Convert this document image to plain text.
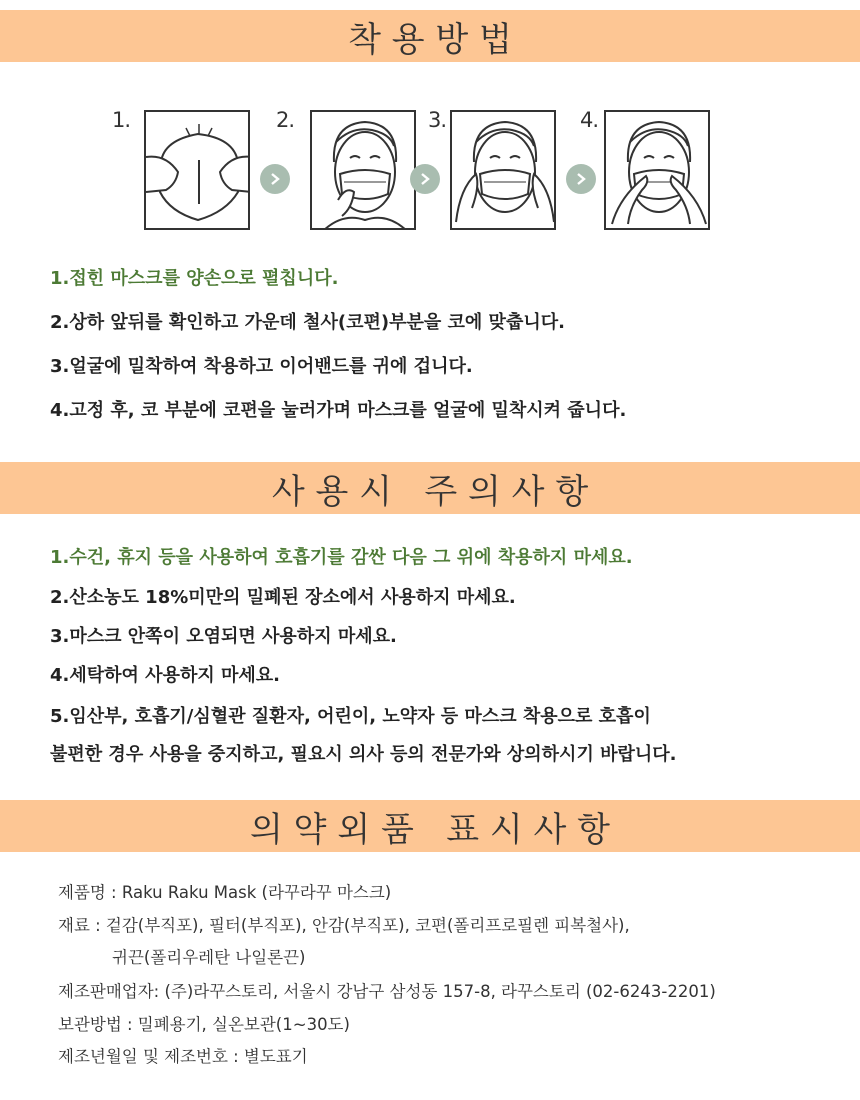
착 용 방 법
1.	2.	3.	4.
1.접힌 마스크를 양손으로 펼칩니다.
2.상하 앞뒤를 확인하고 가운데 철사(코편)부분을 코에 맞춥니다.
3.얼굴에 밀착하여 착용하고 이어밴드를 귀에 겁니다.
4.고정 후, 코 부분에 코편을 눌러가며 마스크를 얼굴에 밀착시켜 줍니다.
사 용 시   주 의 사 항
1.수건, 휴지 등을 사용하여 호흡기를 감싼 다음 그 위에 착용하지 마세요.
2.산소농도 18%미만의 밀폐된 장소에서 사용하지 마세요.
3.마스크 안쪽이 오염되면 사용하지 마세요.
4.세탁하여 사용하지 마세요.
5.임산부, 호흡기/심혈관 질환자, 어린이, 노약자 등 마스크 착용으로 호흡이
불편한 경우 사용을 중지하고, 필요시 의사 등의 전문가와 상의하시기 바랍니다.
의 약 외 품   표 시 사 항
제품명 : Raku Raku Mask (라꾸라꾸 마스크)
재료 : 겉감(부직포), 필터(부직포), 안감(부직포), 코편(폴리프로필렌 피복철사),
귀끈(폴리우레탄 나일론끈)
제조판매업자: (주)라꾸스토리, 서울시 강남구 삼성동 157-8, 라꾸스토리 (02-6243-2201)
보관방법 : 밀폐용기, 실온보관(1~30도)
제조년월일 및 제조번호 : 별도표기
